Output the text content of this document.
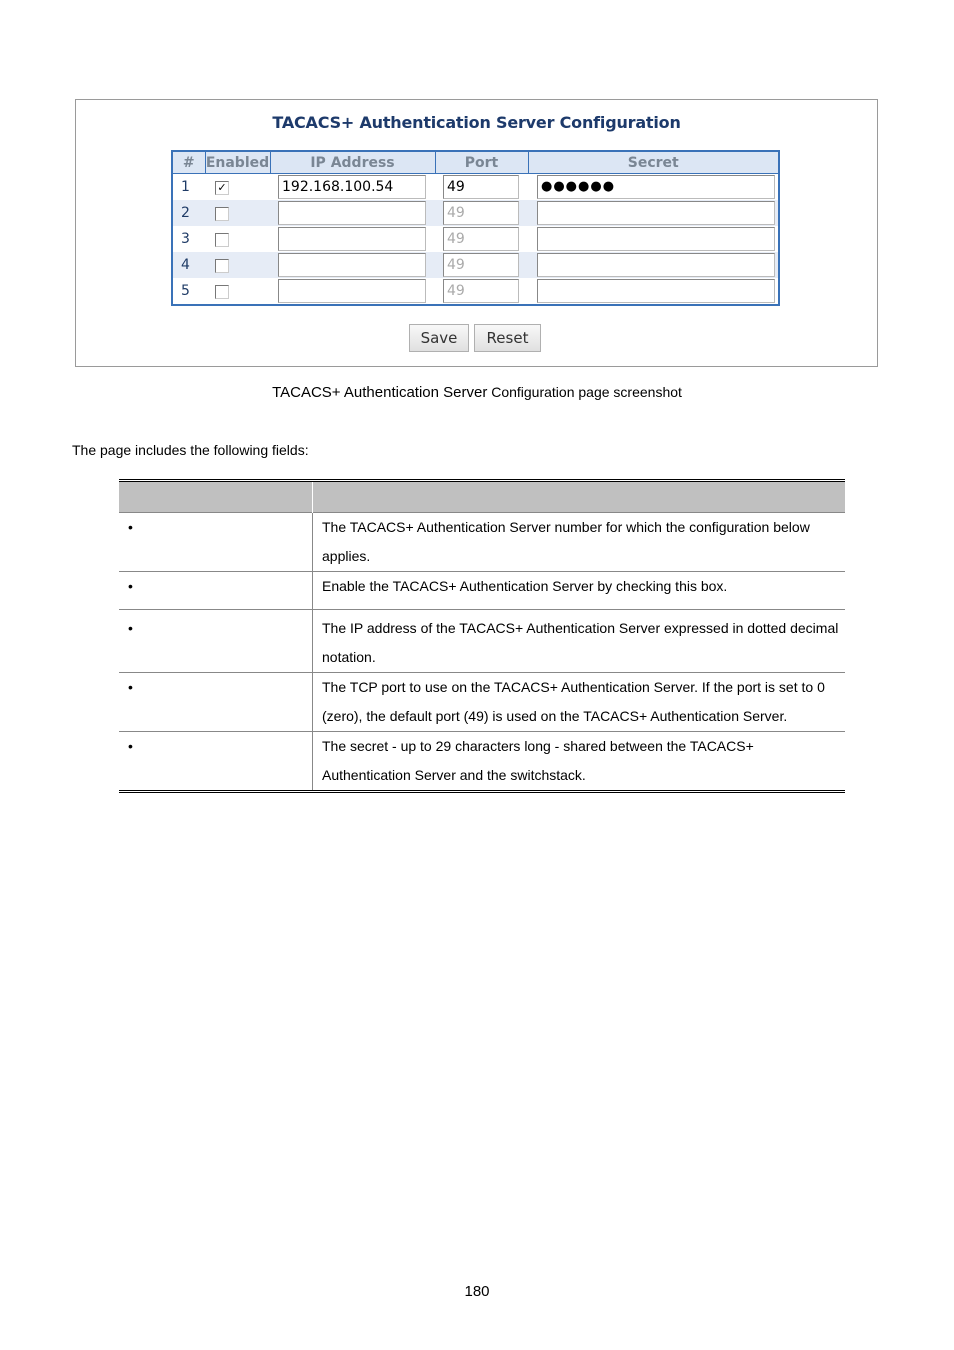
TACACS+ Authentication Server Configuration
#	Enabled	IP Address	Port	Secret
1	✓	192.168.100.54	49	●●●●●●
2			49	
3			49	
4			49	
5			49	
Save	Reset
TACACS+ Authentication Server Configuration page screenshot
The page includes the following fields:

•	The TACACS+ Authentication Server number for which the configuration below applies.
•	Enable the TACACS+ Authentication Server by checking this box.
•	The IP address of the TACACS+ Authentication Server expressed in dotted decimal notation.
•	The TCP port to use on the TACACS+ Authentication Server. If the port is set to 0 (zero), the default port (49) is used on the TACACS+ Authentication Server.
•	The secret - up to 29 characters long - shared between the TACACS+ Authentication Server and the switchstack.
180
